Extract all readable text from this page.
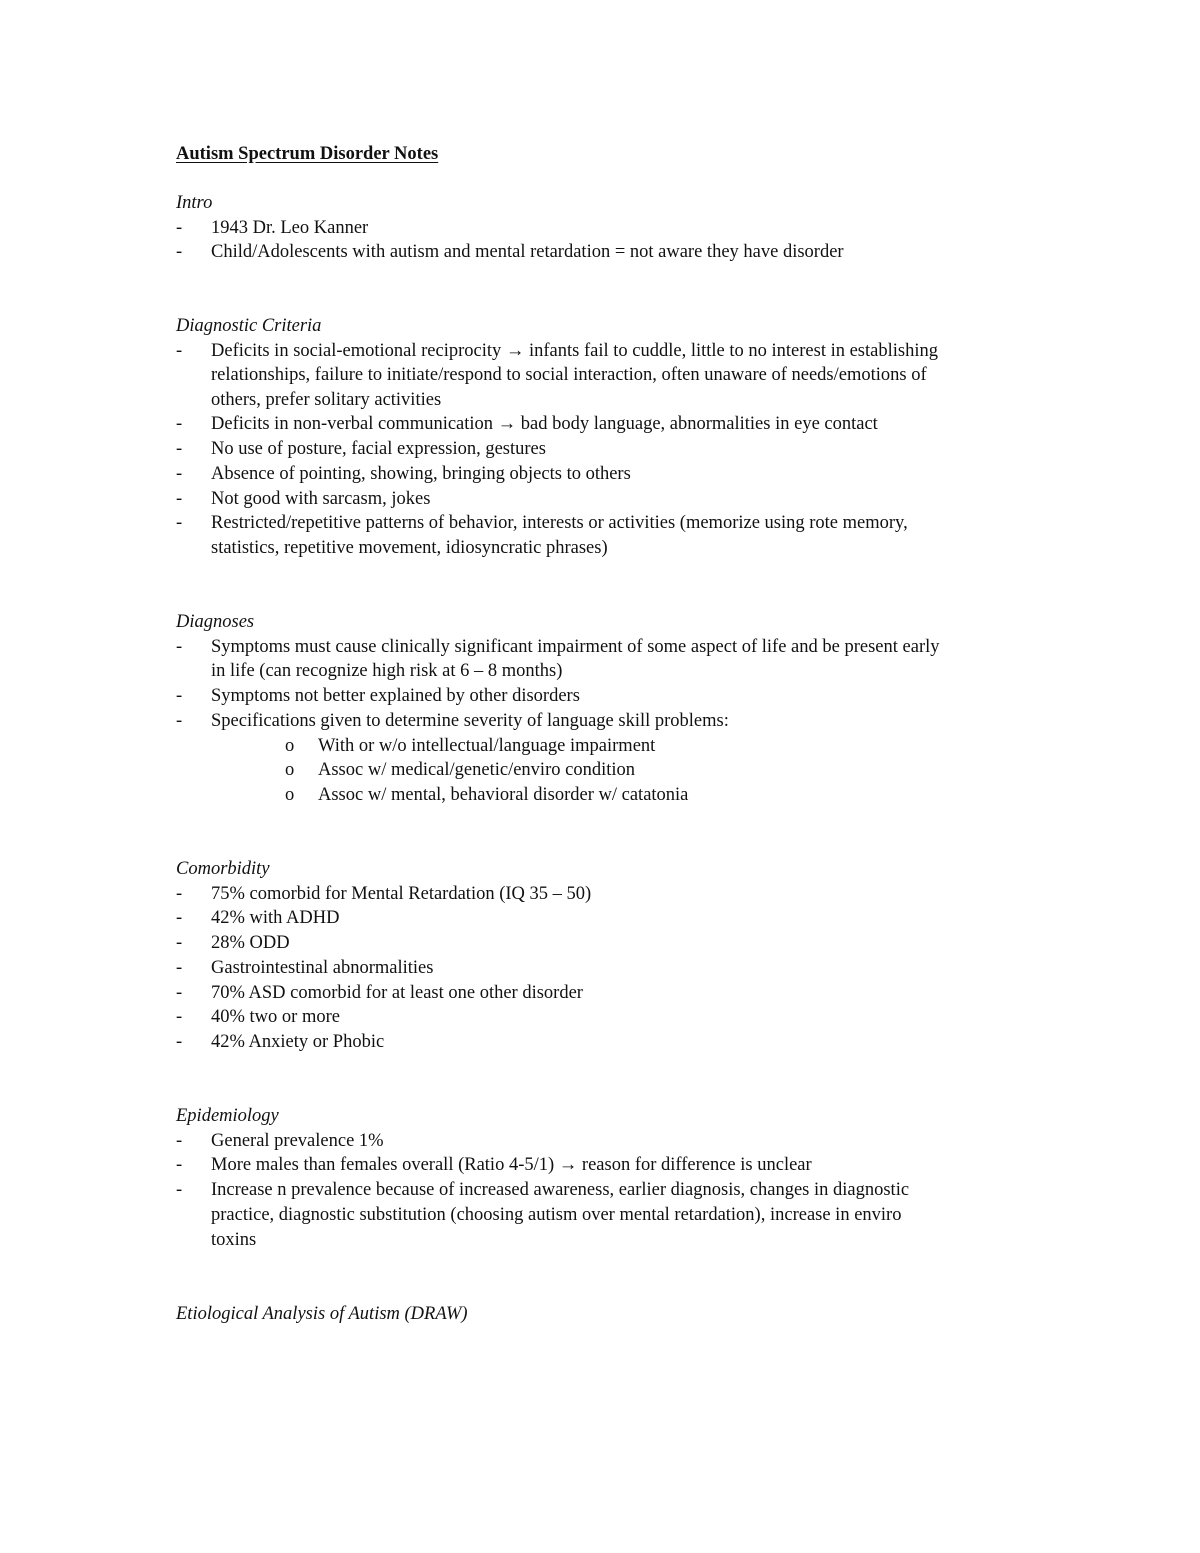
Autism Spectrum Disorder Notes
Intro
- 1943 Dr. Leo Kanner
- Child/Adolescents with autism and mental retardation = not aware they have disorder
Diagnostic Criteria
- Deficits in social-emotional reciprocity → infants fail to cuddle, little to no interest in establishing
relationships, failure to initiate/respond to social interaction, often unaware of needs/emotions of
others, prefer solitary activities
- Deficits in non-verbal communication → bad body language, abnormalities in eye contact
- No use of posture, facial expression, gestures
- Absence of pointing, showing, bringing objects to others
- Not good with sarcasm, jokes
- Restricted/repetitive patterns of behavior, interests or activities (memorize using rote memory,
statistics, repetitive movement, idiosyncratic phrases)
Diagnoses
- Symptoms must cause clinically significant impairment of some aspect of life and be present early
in life (can recognize high risk at 6 – 8 months)
- Symptoms not better explained by other disorders
- Specifications given to determine severity of language skill problems:
o With or w/o intellectual/language impairment
o Assoc w/ medical/genetic/enviro condition
o Assoc w/ mental, behavioral disorder w/ catatonia
Comorbidity
- 75% comorbid for Mental Retardation (IQ 35 – 50)
- 42% with ADHD
- 28% ODD
- Gastrointestinal abnormalities
- 70% ASD comorbid for at least one other disorder
- 40% two or more
- 42% Anxiety or Phobic
Epidemiology
- General prevalence 1%
- More males than females overall (Ratio 4-5/1) → reason for difference is unclear
- Increase n prevalence because of increased awareness, earlier diagnosis, changes in diagnostic
practice, diagnostic substitution (choosing autism over mental retardation), increase in enviro
toxins
Etiological Analysis of Autism (DRAW)
